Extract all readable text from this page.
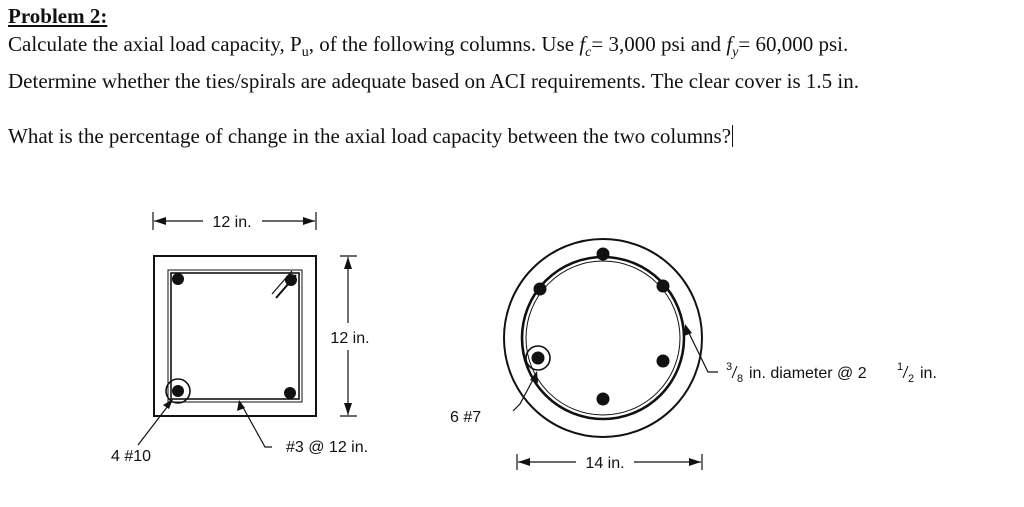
Problem 2:
Calculate the axial load capacity, $P_u$, of the following columns. Use $f_c= 3,000$ psi and $f_y= 60,000$ psi.
Determine whether the ties/spirals are adequate based on ACI requirements. The clear cover is 1.5 in.
What is the percentage of change in the axial load capacity between the two columns?
12 in.
12 in.
4 #10
#3 @ 12 in.
6 #7
3
8 in. diameter @ 2	1
2 in.
14 in.
